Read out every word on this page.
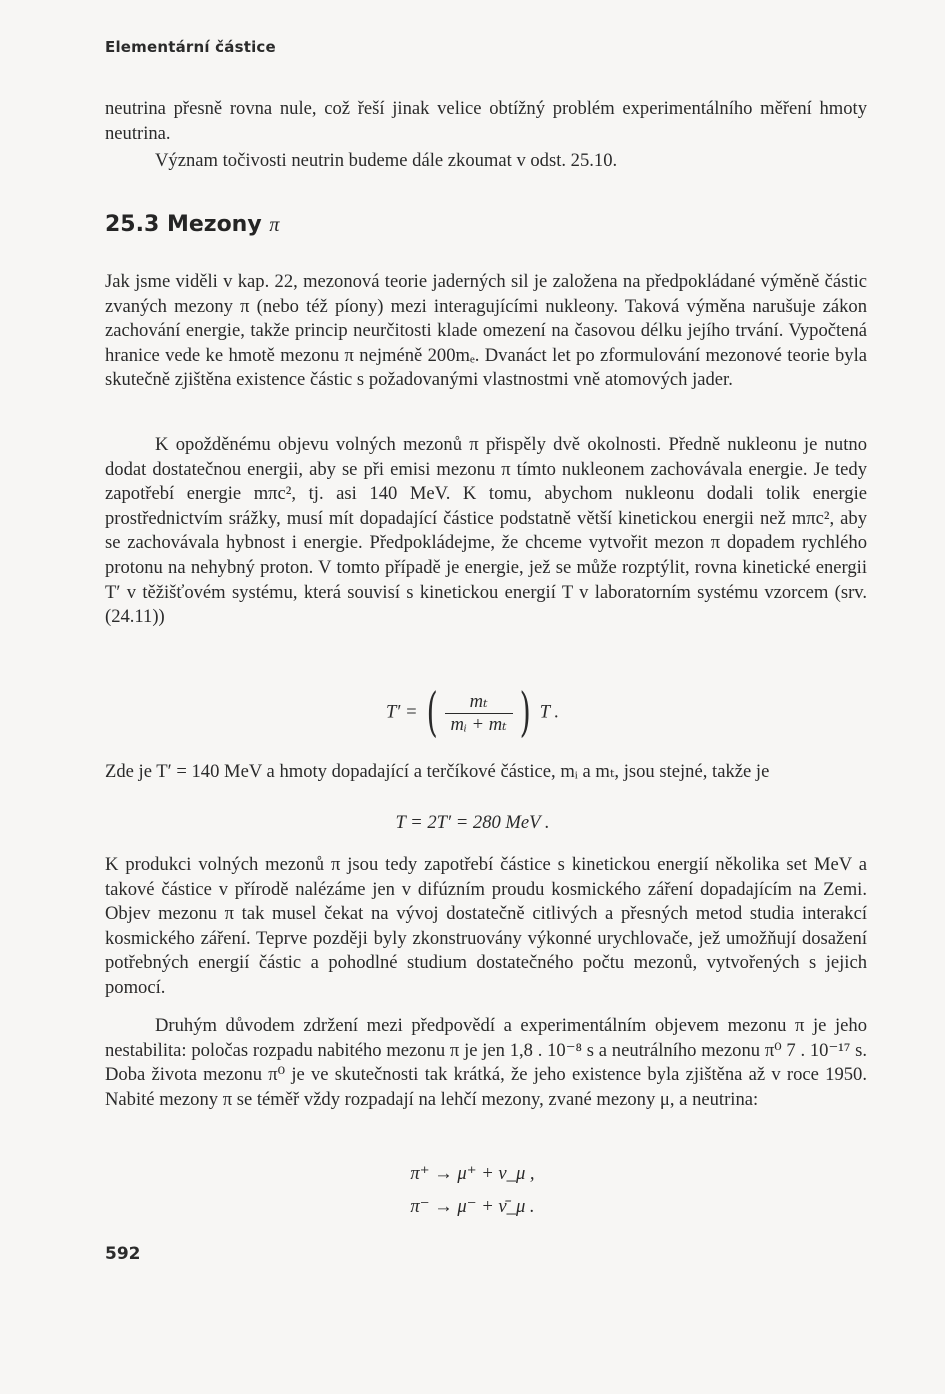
Elementární částice

neutrina přesně rovna nule, což řeší jinak velice obtížný problém experimentálního měření hmoty neutrina.

Význam točivosti neutrin budeme dále zkoumat v odst. 25.10.

25.3 Mezony π

Jak jsme viděli v kap. 22, mezonová teorie jaderných sil je založena na předpokládané výměně částic zvaných mezony π (nebo též píony) mezi interagujícími nukleony. Taková výměna narušuje zákon zachování energie, takže princip neurčitosti klade omezení na časovou délku jejího trvání. Vypočtená hranice vede ke hmotě mezonu π nejméně 200mₑ. Dvanáct let po zformulování mezonové teorie byla skutečně zjištěna existence částic s požadovanými vlastnostmi vně atomových jader.

K opožděnému objevu volných mezonů π přispěly dvě okolnosti. Předně nukleonu je nutno dodat dostatečnou energii, aby se při emisi mezonu π tímto nukleonem zachovávala energie. Je tedy zapotřebí energie mπc², tj. asi 140 MeV. K tomu, abychom nukleonu dodali tolik energie prostřednictvím srážky, musí mít dopadající částice podstatně větší kinetickou energii než mπc², aby se zachovávala hybnost i energie. Předpokládejme, že chceme vytvořit mezon π dopadem rychlého protonu na nehybný proton. V tomto případě je energie, jež se může rozptýlit, rovna kinetické energii T′ v těžišťovém systému, která souvisí s kinetickou energií T v laboratorním systému vzorcem (srv. (24.11))

T′ = ( $\frac{\text{mₜ}}{\text{mᵢ + mₜ}}$ ) T .

Zde je T′ = 140 MeV a hmoty dopadající a terčíkové částice, mᵢ a mₜ, jsou stejné, takže je

T = 2T′ = 280 MeV .

K produkci volných mezonů π jsou tedy zapotřebí částice s kinetickou energií několika set MeV a takové částice v přírodě nalézáme jen v difúzním proudu kosmického záření dopadajícím na Zemi. Objev mezonu π tak musel čekat na vývoj dostatečně citlivých a přesných metod studia interakcí kosmického záření. Teprve později byly zkonstruovány výkonné urychlovače, jež umožňují dosažení potřebných energií částic a pohodlné studium dostatečného počtu mezonů, vytvořených s jejich pomocí.

Druhým důvodem zdržení mezi předpovědí a experimentálním objevem mezonu π je jeho nestabilita: poločas rozpadu nabitého mezonu π je jen 1,8 . 10⁻⁸ s a neutrálního mezonu π⁰ 7 . 10⁻¹⁷ s. Doba života mezonu π⁰ je ve skutečnosti tak krátká, že jeho existence byla zjištěna až v roce 1950. Nabité mezony π se téměř vždy rozpadají na lehčí mezony, zvané mezony μ, a neutrina:

π⁺ → μ⁺ + ν_μ ,
π⁻ → μ⁻ + ν̄_μ .
592
